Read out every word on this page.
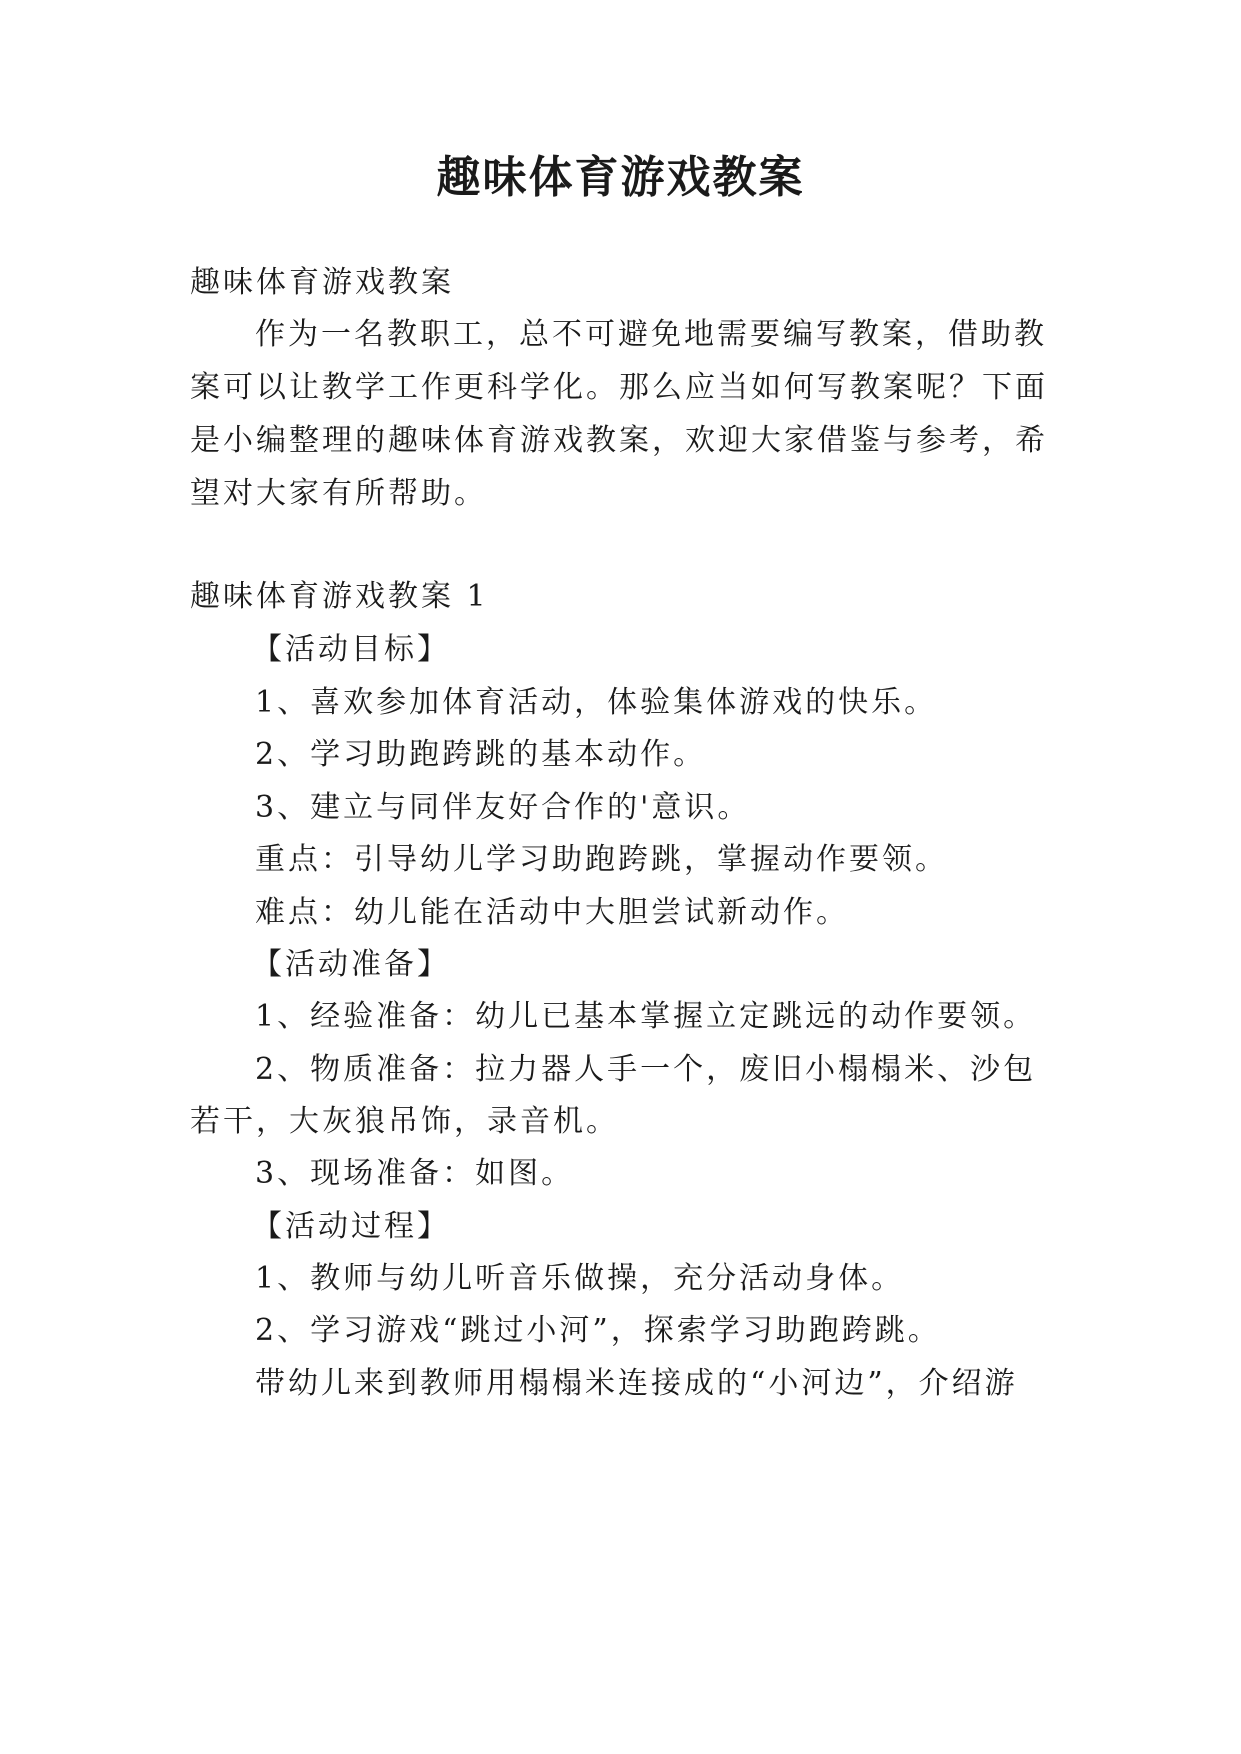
趣味体育游戏教案
趣味体育游戏教案
作为一名教职工，总不可避免地需要编写教案，借助教
案可以让教学工作更科学化。那么应当如何写教案呢？下面
是小编整理的趣味体育游戏教案，欢迎大家借鉴与参考，希
望对大家有所帮助。
趣味体育游戏教案 1
【活动目标】
1、喜欢参加体育活动，体验集体游戏的快乐。
2、学习助跑跨跳的基本动作。
3、建立与同伴友好合作的'意识。
重点：引导幼儿学习助跑跨跳，掌握动作要领。
难点：幼儿能在活动中大胆尝试新动作。
【活动准备】
1、经验准备：幼儿已基本掌握立定跳远的动作要领。
2、物质准备：拉力器人手一个，废旧小榻榻米、沙包
若干，大灰狼吊饰，录音机。
3、现场准备：如图。
【活动过程】
1、教师与幼儿听音乐做操，充分活动身体。
2、学习游戏“跳过小河”，探索学习助跑跨跳。
带幼儿来到教师用榻榻米连接成的“小河边”，介绍游
